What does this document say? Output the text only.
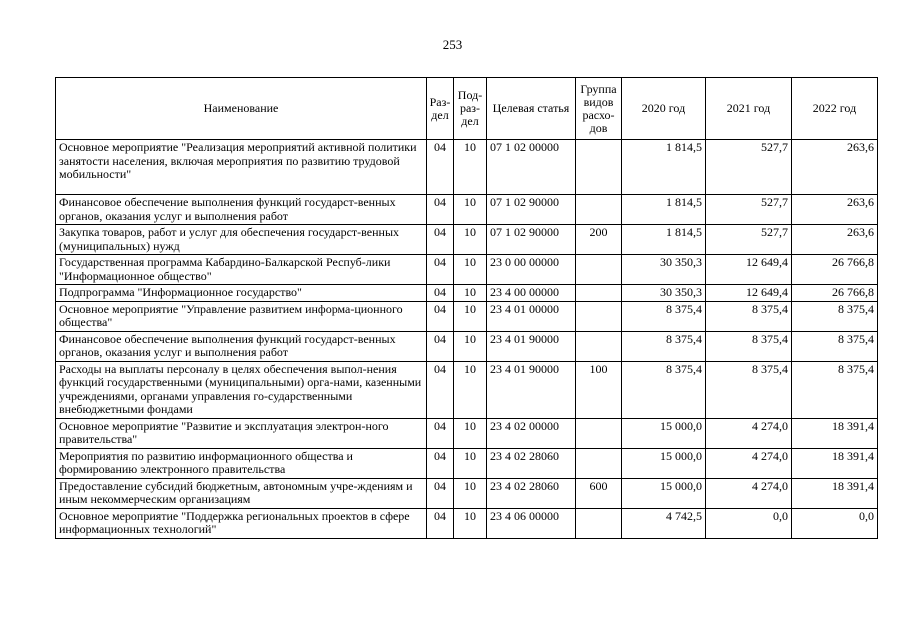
253
Наименование	Раз-дел	Под-раз-дел	Целевая статья	Группа видов расхо-дов	2020 год	2021 год	2022 год
Основное мероприятие "Реализация мероприятий активной политики занятости населения, включая мероприятия по развитию трудовой мобильности"	04	10	07 1 02 00000		1 814,5	527,7	263,6
Финансовое обеспечение выполнения функций государст-венных органов, оказания услуг и выполнения работ	04	10	07 1 02 90000		1 814,5	527,7	263,6
Закупка товаров, работ и услуг для обеспечения государст-венных (муниципальных) нужд	04	10	07 1 02 90000	200	1 814,5	527,7	263,6
Государственная программа Кабардино-Балкарской Респуб-лики "Информационное общество"	04	10	23 0 00 00000		30 350,3	12 649,4	26 766,8
Подпрограмма "Информационное государство"	04	10	23 4 00 00000		30 350,3	12 649,4	26 766,8
Основное мероприятие "Управление развитием информа-ционного общества"	04	10	23 4 01 00000		8 375,4	8 375,4	8 375,4
Финансовое обеспечение выполнения функций государст-венных органов, оказания услуг и выполнения работ	04	10	23 4 01 90000		8 375,4	8 375,4	8 375,4
Расходы на выплаты персоналу в целях обеспечения выпол-нения функций государственными (муниципальными) орга-нами, казенными учреждениями, органами управления го-сударственными внебюджетными фондами	04	10	23 4 01 90000	100	8 375,4	8 375,4	8 375,4
Основное мероприятие "Развитие и эксплуатация электрон-ного правительства"	04	10	23 4 02 00000		15 000,0	4 274,0	18 391,4
Мероприятия по развитию информационного общества и формированию электронного правительства	04	10	23 4 02 28060		15 000,0	4 274,0	18 391,4
Предоставление субсидий бюджетным, автономным учре-ждениям и иным некоммерческим организациям	04	10	23 4 02 28060	600	15 000,0	4 274,0	18 391,4
Основное мероприятие "Поддержка региональных проектов в сфере информационных технологий"	04	10	23 4 06 00000		4 742,5	0,0	0,0
